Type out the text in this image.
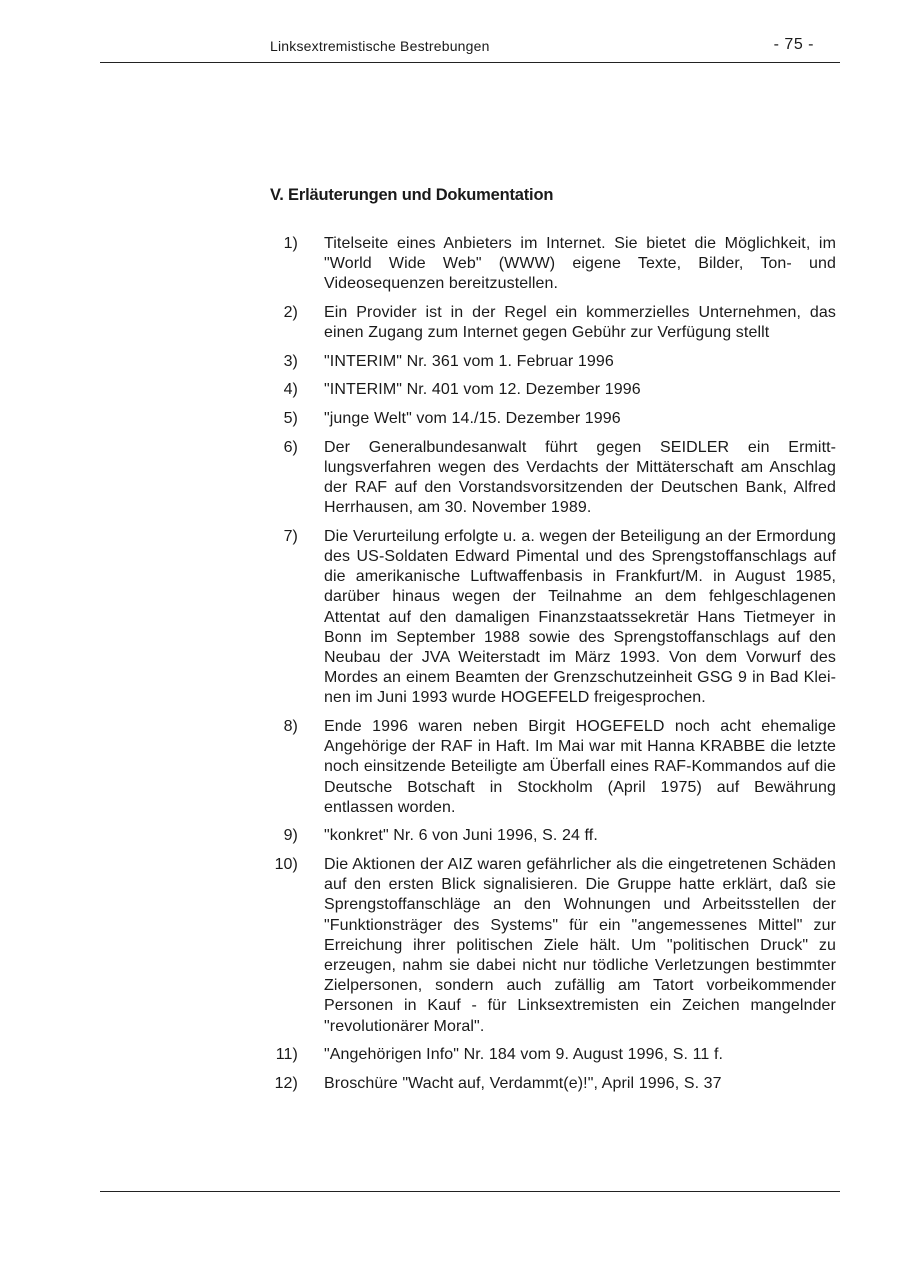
Linksextremistische Bestrebungen	- 75 -
V. Erläuterungen und Dokumentation
1) Titelseite eines Anbieters im Internet. Sie bietet die Möglichkeit, im "World Wide Web" (WWW) eigene Texte, Bilder, Ton- und Videosequenzen bereitzustellen.
2) Ein Provider ist in der Regel ein kommerzielles Unternehmen, das einen Zugang zum Internet gegen Gebühr zur Verfügung stellt
3) "INTERIM" Nr. 361 vom 1. Februar 1996
4) "INTERIM" Nr. 401 vom 12. Dezember 1996
5) "junge Welt" vom 14./15. Dezember 1996
6) Der Generalbundesanwalt führt gegen SEIDLER ein Ermittlungsverfahren wegen des Verdachts der Mittäterschaft am Anschlag der RAF auf den Vorstandsvorsitzenden der Deutschen Bank, Alfred Herrhausen, am 30. November 1989.
7) Die Verurteilung erfolgte u. a. wegen der Beteiligung an der Ermordung des US-Soldaten Edward Pimental und des Sprengstoffanschlags auf die amerikanische Luftwaffenbasis in Frankfurt/M. in August 1985, darüber hinaus wegen der Teilnahme an dem fehlgeschlagenen Attentat auf den damaligen Finanzstaatssekretär Hans Tietmeyer in Bonn im September 1988 sowie des Sprengstoffanschlags auf den Neubau der JVA Weiterstadt im März 1993. Von dem Vorwurf des Mordes an einem Beamten der Grenzschutzeinheit GSG 9 in Bad Kleinen im Juni 1993 wurde HOGEFELD freigesprochen.
8) Ende 1996 waren neben Birgit HOGEFELD noch acht ehemalige Angehörige der RAF in Haft. Im Mai war mit Hanna KRABBE die letzte noch einsitzende Beteiligte am Überfall eines RAF-Kommandos auf die Deutsche Botschaft in Stockholm (April 1975) auf Bewährung entlassen worden.
9) "konkret" Nr. 6 von Juni 1996, S. 24 ff.
10) Die Aktionen der AIZ waren gefährlicher als die eingetretenen Schäden auf den ersten Blick signalisieren. Die Gruppe hatte erklärt, daß sie Sprengstoffanschläge an den Wohnungen und Arbeitsstellen der "Funktionsträger des Systems" für ein "angemessenes Mittel" zur Erreichung ihrer politischen Ziele hält. Um "politischen Druck" zu erzeugen, nahm sie dabei nicht nur tödliche Verletzungen bestimmter Zielpersonen, sondern auch zufällig am Tatort vorbeikommender Personen in Kauf - für Linksextremisten ein Zeichen mangelnder "revolutionärer Moral".
11) "Angehörigen Info" Nr. 184 vom 9. August 1996, S. 11 f.
12) Broschüre "Wacht auf, Verdammt(e)!", April 1996, S. 37
